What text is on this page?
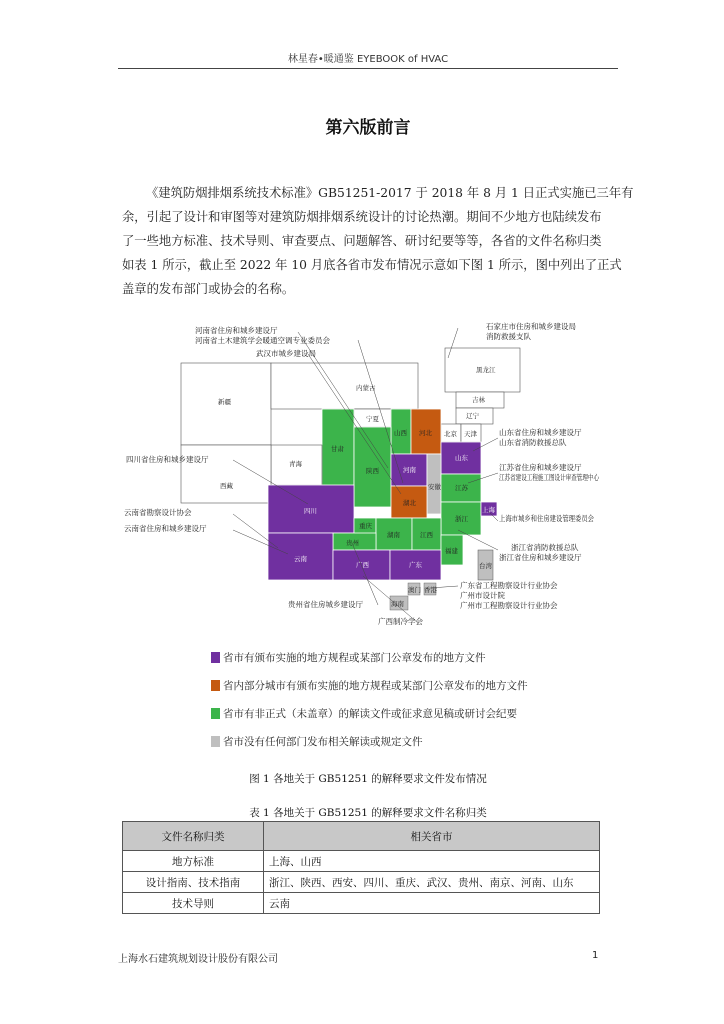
林星春•暖通鉴 EYEBOOK of HVAC
第六版前言
《建筑防烟排烟系统技术标准》GB51251-2017 于 2018 年 8 月 1 日正式实施已三年有
余，引起了设计和审图等对建筑防烟排烟系统设计的讨论热潮。期间不少地方也陆续发布
了一些地方标准、技术导则、审查要点、问题解答、研讨纪要等等，各省的文件名称归类
如表 1 所示，截止至 2022 年 10 月底各省市发布情况示意如下图 1 所示，图中列出了正式
盖章的发布部门或协会的名称。
新疆
内蒙古
黑龙江
吉林
辽宁
宁夏
北京 天津
山西 河北
甘肃
青海
西藏
陕西	河南
山东
安徽
湖北
江苏
四川
重庆
上海
浙江
湖南	江西
贵州
福建
台湾
云南
广西	广东
澳门 香港
海南
河南省住房和城乡建设厅
河南省土木建筑学会暖通空调专业委员会
武汉市城乡建设局
石家庄市住房和城乡建设局
消防救援支队
山东省住房和城乡建设厅
山东省消防救援总队
江苏省住房和城乡建设厅
江苏省建设工程施工图设计审查管理中心
四川省住房和城乡建设厅
云南省勘察设计协会
云南省住房和城乡建设厅
上海市城乡和住房建设管理委员会
浙江省消防救援总队
浙江省住房和城乡建设厅
广东省工程勘察设计行业协会
广州市设计院
广州市工程勘察设计行业协会
贵州省住房城乡建设厅
广西制冷学会
省市有颁布实施的地方规程或某部门公章发布的地方文件
省内部分城市有颁布实施的地方规程或某部门公章发布的地方文件
省市有非正式（未盖章）的解读文件或征求意见稿或研讨会纪要
省市没有任何部门发布相关解读或规定文件
图 1 各地关于 GB51251 的解释要求文件发布情况
表 1 各地关于 GB51251 的解释要求文件名称归类
文件名称归类	相关省市
地方标准	上海、山西
设计指南、技术指南	浙江、陕西、西安、四川、重庆、武汉、贵州、南京、河南、山东
技术导则	云南
上海水石建筑规划设计股份有限公司	1
